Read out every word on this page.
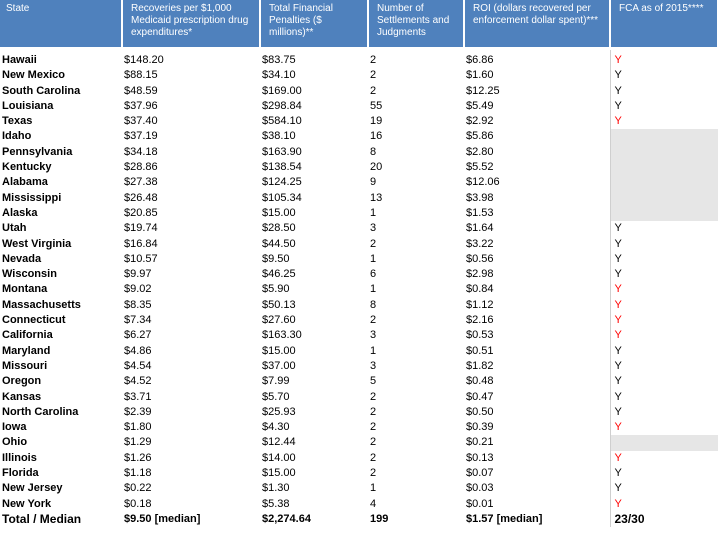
State	Recoveries per $1,000 Medicaid prescription drug expenditures*	Total Financial Penalties ($ millions)**	Number of Settlements and Judgments	ROI (dollars recovered per enforcement dollar spent)***	FCA as of 2015****
Hawaii	$148.20	$83.75	2	$6.86	Y
New Mexico	$88.15	$34.10	2	$1.60	Y
South Carolina	$48.59	$169.00	2	$12.25	Y
Louisiana	$37.96	$298.84	55	$5.49	Y
Texas	$37.40	$584.10	19	$2.92	Y
Idaho	$37.19	$38.10	16	$5.86	
Pennsylvania	$34.18	$163.90	8	$2.80	
Kentucky	$28.86	$138.54	20	$5.52	
Alabama	$27.38	$124.25	9	$12.06	
Mississippi	$26.48	$105.34	13	$3.98	
Alaska	$20.85	$15.00	1	$1.53	
Utah	$19.74	$28.50	3	$1.64	Y
West Virginia	$16.84	$44.50	2	$3.22	Y
Nevada	$10.57	$9.50	1	$0.56	Y
Wisconsin	$9.97	$46.25	6	$2.98	Y
Montana	$9.02	$5.90	1	$0.84	Y
Massachusetts	$8.35	$50.13	8	$1.12	Y
Connecticut	$7.34	$27.60	2	$2.16	Y
California	$6.27	$163.30	3	$0.53	Y
Maryland	$4.86	$15.00	1	$0.51	Y
Missouri	$4.54	$37.00	3	$1.82	Y
Oregon	$4.52	$7.99	5	$0.48	Y
Kansas	$3.71	$5.70	2	$0.47	Y
North Carolina	$2.39	$25.93	2	$0.50	Y
Iowa	$1.80	$4.30	2	$0.39	Y
Ohio	$1.29	$12.44	2	$0.21	
Illinois	$1.26	$14.00	2	$0.13	Y
Florida	$1.18	$15.00	2	$0.07	Y
New Jersey	$0.22	$1.30	1	$0.03	Y
New York	$0.18	$5.38	4	$0.01	Y
Total / Median	$9.50 [median]	$2,274.64	199	$1.57 [median]	23/30
